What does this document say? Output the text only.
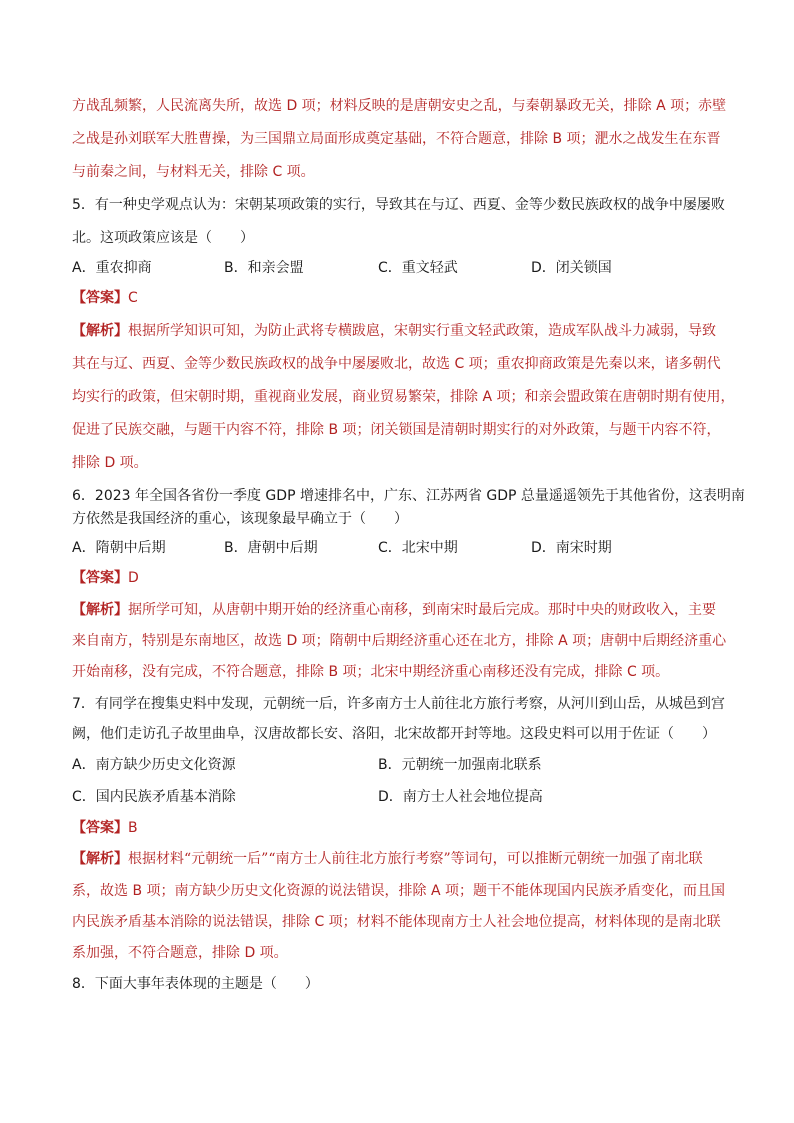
方战乱频繁，人民流离失所，故选 D 项；材料反映的是唐朝安史之乱，与秦朝暴政无关，排除 A 项；赤壁
之战是孙刘联军大胜曹操，为三国鼎立局面形成奠定基础，不符合题意，排除 B 项；淝水之战发生在东晋
与前秦之间，与材料无关，排除 C 项。
5．有一种史学观点认为：宋朝某项政策的实行，导致其在与辽、西夏、金等少数民族政权的战争中屡屡败
北。这项政策应该是（　　）
A．重农抑商	B．和亲会盟	C．重文轻武	D．闭关锁国
【答案】C
【解析】根据所学知识可知，为防止武将专横跋扈，宋朝实行重文轻武政策，造成军队战斗力减弱，导致
其在与辽、西夏、金等少数民族政权的战争中屡屡败北，故选 C 项；重农抑商政策是先秦以来，诸多朝代
均实行的政策，但宋朝时期，重视商业发展，商业贸易繁荣，排除 A 项；和亲会盟政策在唐朝时期有使用，
促进了民族交融，与题干内容不符，排除 B 项；闭关锁国是清朝时期实行的对外政策，与题干内容不符，
排除 D 项。
6．2023 年全国各省份一季度 GDP 增速排名中，广东、江苏两省 GDP 总量遥遥领先于其他省份，这表明南
方依然是我国经济的重心，该现象最早确立于（　　）
A．隋朝中后期	B．唐朝中后期	C．北宋中期	D．南宋时期
【答案】D
【解析】据所学可知，从唐朝中期开始的经济重心南移，到南宋时最后完成。那时中央的财政收入，主要
来自南方，特别是东南地区，故选 D 项；隋朝中后期经济重心还在北方，排除 A 项；唐朝中后期经济重心
开始南移，没有完成，不符合题意，排除 B 项；北宋中期经济重心南移还没有完成，排除 C 项。
7．有同学在搜集史料中发现，元朝统一后，许多南方士人前往北方旅行考察，从河川到山岳，从城邑到宫
阙，他们走访孔子故里曲阜，汉唐故都长安、洛阳，北宋故都开封等地。这段史料可以用于佐证（　　）
A．南方缺少历史文化资源	B．元朝统一加强南北联系
C．国内民族矛盾基本消除	D．南方士人社会地位提高
【答案】B
【解析】根据材料“元朝统一后”“南方士人前往北方旅行考察”等词句，可以推断元朝统一加强了南北联
系，故选 B 项；南方缺少历史文化资源的说法错误，排除 A 项；题干不能体现国内民族矛盾变化，而且国
内民族矛盾基本消除的说法错误，排除 C 项；材料不能体现南方士人社会地位提高，材料体现的是南北联
系加强，不符合题意，排除 D 项。
8．下面大事年表体现的主题是（　　）
